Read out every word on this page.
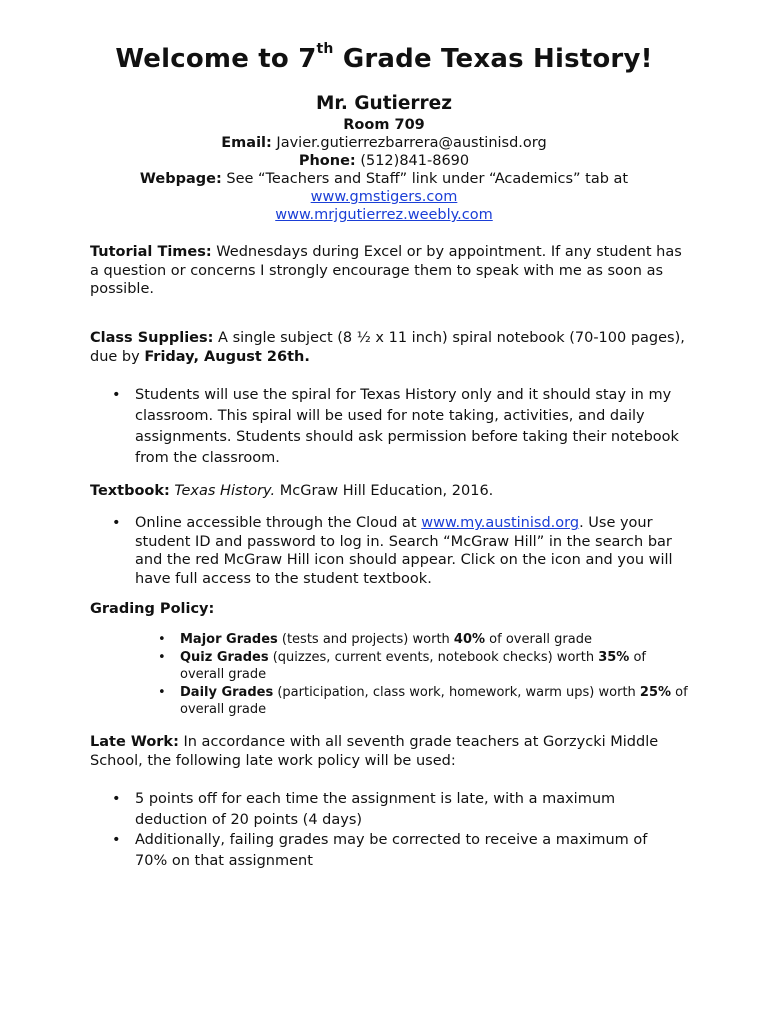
Welcome to 7th Grade Texas History!
Mr. Gutierrez
Room 709
Email: Javier.gutierrezbarrera@austinisd.org
Phone: (512)841-8690
Webpage: See “Teachers and Staff” link under “Academics” tab at
www.gmstigers.com
www.mrjgutierrez.weebly.com
Tutorial Times: Wednesdays during Excel or by appointment. If any student has a question or concerns I strongly encourage them to speak with me as soon as possible.
Class Supplies: A single subject (8 ½ x 11 inch) spiral notebook (70-100 pages), due by Friday, August 26th.
• Students will use the spiral for Texas History only and it should stay in my classroom. This spiral will be used for note taking, activities, and daily assignments. Students should ask permission before taking their notebook from the classroom.
Textbook: Texas History. McGraw Hill Education, 2016.
• Online accessible through the Cloud at www.my.austinisd.org. Use your student ID and password to log in. Search “McGraw Hill” in the search bar and the red McGraw Hill icon should appear. Click on the icon and you will have full access to the student textbook.
Grading Policy:
• Major Grades (tests and projects) worth 40% of overall grade
• Quiz Grades (quizzes, current events, notebook checks) worth 35% of overall grade
• Daily Grades (participation, class work, homework, warm ups) worth 25% of overall grade
Late Work: In accordance with all seventh grade teachers at Gorzycki Middle School, the following late work policy will be used:
• 5 points off for each time the assignment is late, with a maximum deduction of 20 points (4 days)
• Additionally, failing grades may be corrected to receive a maximum of 70% on that assignment
